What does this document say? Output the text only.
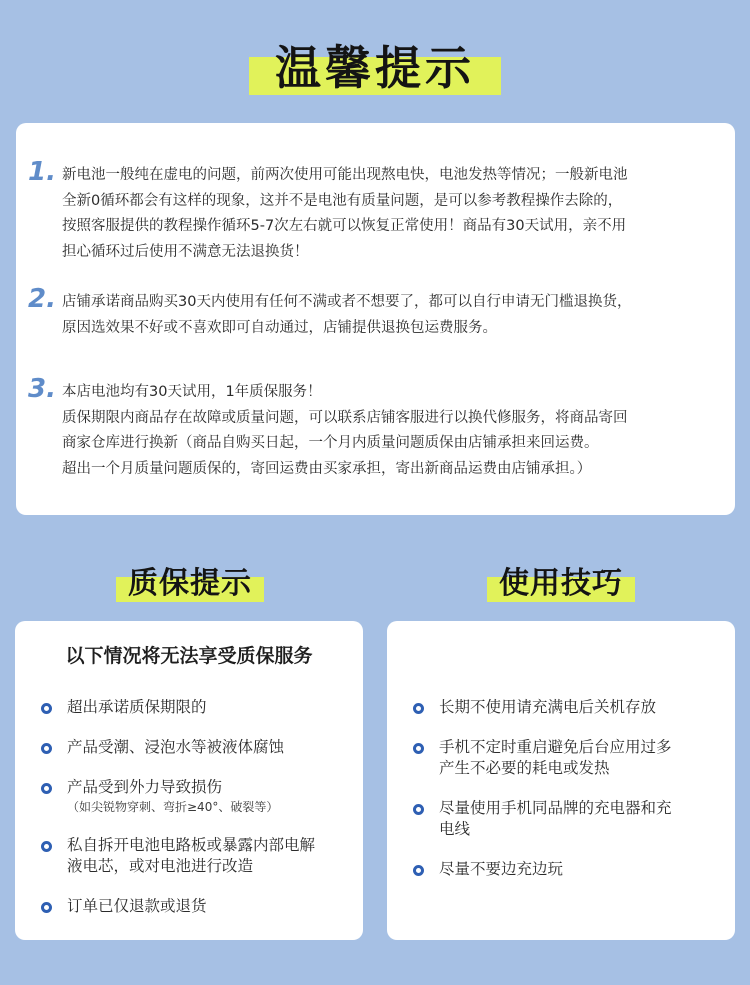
温馨提示
1. 新电池一般纯在虚电的问题，前两次使用可能出现熬电快，电池发热等情况；一般新电池
全新0循环都会有这样的现象，这并不是电池有质量问题，是可以参考教程操作去除的，
按照客服提供的教程操作循环5-7次左右就可以恢复正常使用！商品有30天试用，亲不用
担心循环过后使用不满意无法退换货！
2. 店铺承诺商品购买30天内使用有任何不满或者不想要了，都可以自行申请无门槛退换货，
原因选效果不好或不喜欢即可自动通过，店铺提供退换包运费服务。
3. 本店电池均有30天试用，1年质保服务！
质保期限内商品存在故障或质量问题，可以联系店铺客服进行以换代修服务，将商品寄回
商家仓库进行换新（商品自购买日起，一个月内质量问题质保由店铺承担来回运费。
超出一个月质量问题质保的，寄回运费由买家承担，寄出新商品运费由店铺承担。）
质保提示	使用技巧
以下情况将无法享受质保服务
超出承诺质保期限的
产品受潮、浸泡水等被液体腐蚀
产品受到外力导致损伤
（如尖锐物穿刺、弯折≥40°、破裂等）
私自拆开电池电路板或暴露内部电解
液电芯，或对电池进行改造
订单已仅退款或退货
长期不使用请充满电后关机存放
手机不定时重启避免后台应用过多
产生不必要的耗电或发热
尽量使用手机同品牌的充电器和充
电线
尽量不要边充边玩
